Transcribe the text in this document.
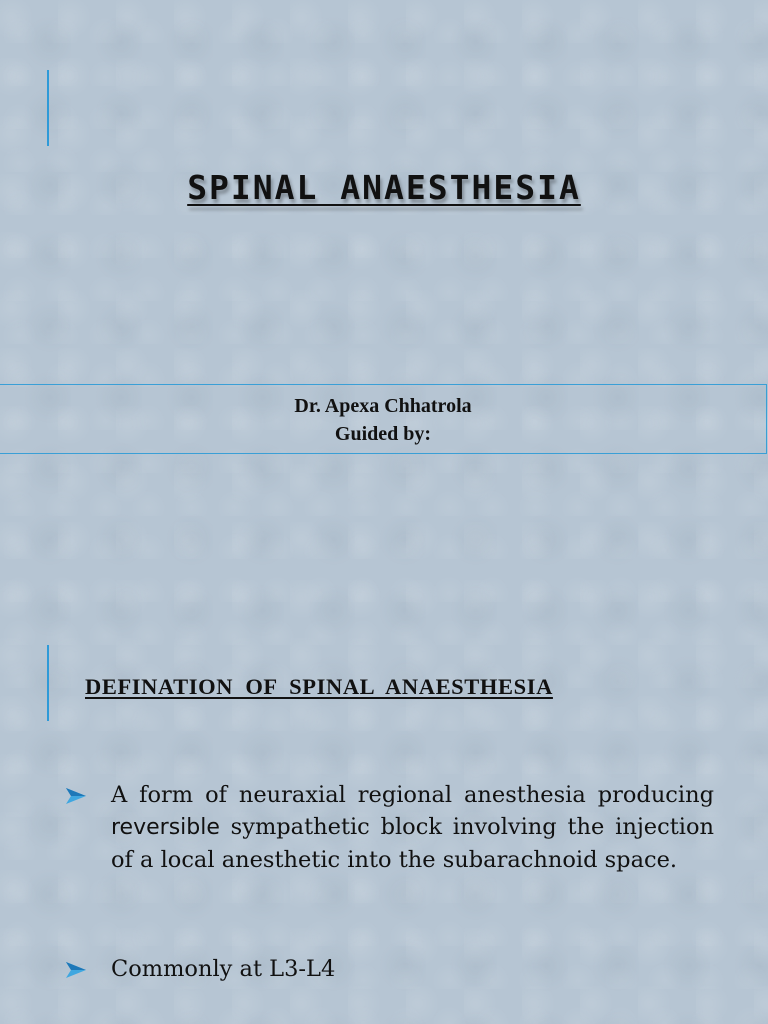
SPINAL ANAESTHESIA
Dr. Apexa Chhatrola
Guided by:
DEFINATION OF SPINAL ANAESTHESIA

A form of neuraxial regional anesthesia producing reversible sympathetic block involving the injection of a local anesthetic into the subarachnoid space.

Commonly at L3-L4
